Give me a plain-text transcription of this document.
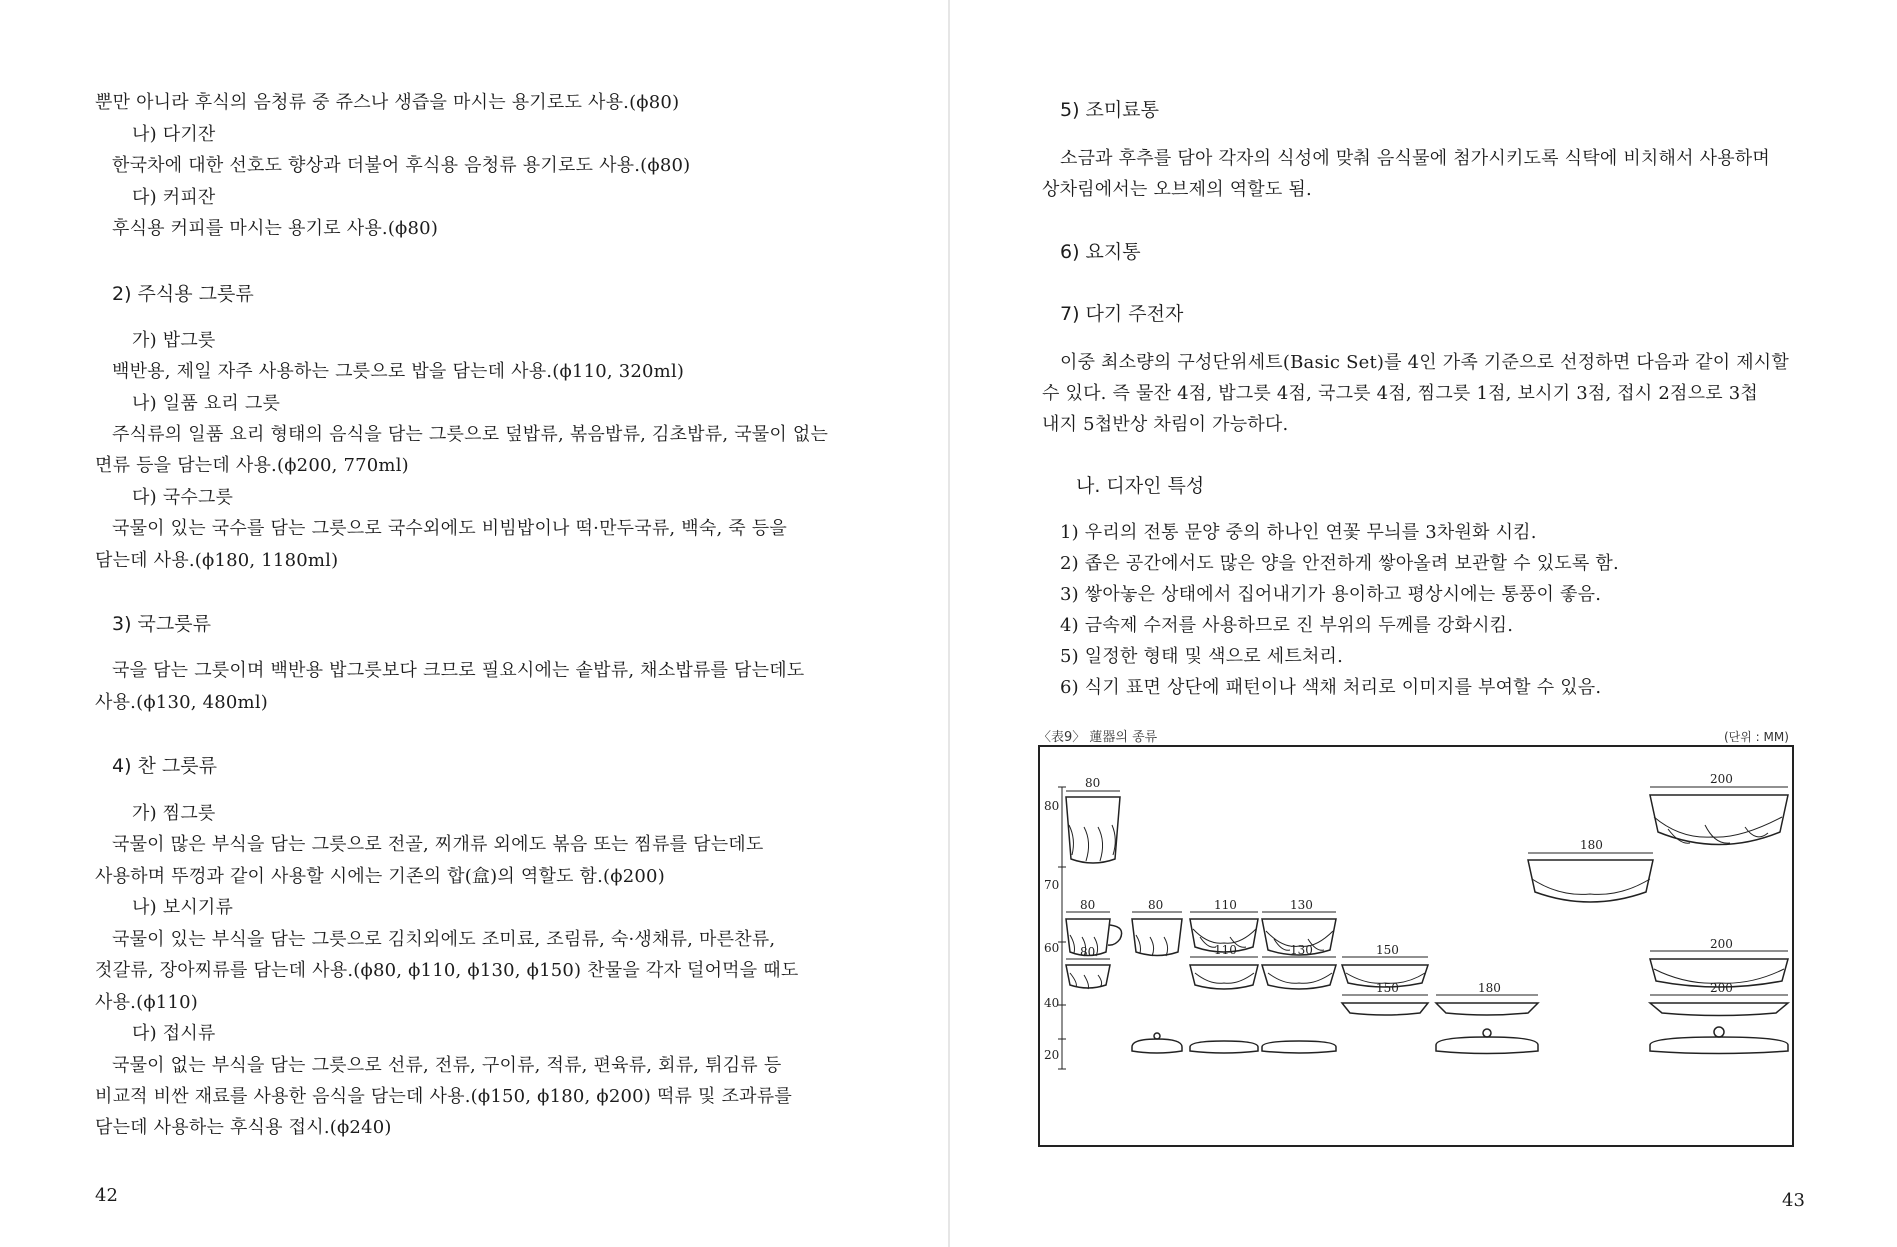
뿐만 아니라 후식의 음청류 중 쥬스나 생즙을 마시는 용기로도 사용.(ϕ80)
나) 다기잔
한국차에 대한 선호도 향상과 더불어 후식용 음청류 용기로도 사용.(ϕ80)
다) 커피잔
후식용 커피를 마시는 용기로 사용.(ϕ80)
2) 주식용 그릇류
가) 밥그릇
백반용, 제일 자주 사용하는 그릇으로 밥을 담는데 사용.(ϕ110, 320ml)
나) 일품 요리 그릇
주식류의 일품 요리 형태의 음식을 담는 그릇으로 덮밥류, 볶음밥류, 김초밥류, 국물이 없는
면류 등을 담는데 사용.(ϕ200, 770ml)
다) 국수그릇
국물이 있는 국수를 담는 그릇으로 국수외에도 비빔밥이나 떡·만두국류, 백숙, 죽 등을
담는데 사용.(ϕ180, 1180ml)
3) 국그릇류
국을 담는 그릇이며 백반용 밥그릇보다 크므로 필요시에는 솥밥류, 채소밥류를 담는데도
사용.(ϕ130, 480ml)
4) 찬 그릇류
가) 찜그릇
국물이 많은 부식을 담는 그릇으로 전골, 찌개류 외에도 볶음 또는 찜류를 담는데도
사용하며 뚜껑과 같이 사용할 시에는 기존의 합(盒)의 역할도 함.(ϕ200)
나) 보시기류
국물이 있는 부식을 담는 그릇으로 김치외에도 조미료, 조림류, 숙·생채류, 마른찬류,
젓갈류, 장아찌류를 담는데 사용.(ϕ80, ϕ110, ϕ130, ϕ150) 찬물을 각자 덜어먹을 때도
사용.(ϕ110)
다) 접시류
국물이 없는 부식을 담는 그릇으로 선류, 전류, 구이류, 적류, 편육류, 회류, 튀김류 등
비교적 비싼 재료를 사용한 음식을 담는데 사용.(ϕ150, ϕ180, ϕ200) 떡류 및 조과류를
담는데 사용하는 후식용 접시.(ϕ240)
42
5) 조미료통
소금과 후추를 담아 각자의 식성에 맞춰 음식물에 첨가시키도록 식탁에 비치해서 사용하며
상차림에서는 오브제의 역할도 됨.
6) 요지통
7) 다기 주전자
이중 최소량의 구성단위세트(Basic Set)를 4인 가족 기준으로 선정하면 다음과 같이 제시할
수 있다. 즉 물잔 4점, 밥그릇 4점, 국그릇 4점, 찜그릇 1점, 보시기 3점, 접시 2점으로 3첩
내지 5첩반상 차림이 가능하다.
나. 디자인 특성
1) 우리의 전통 문양 중의 하나인 연꽃 무늬를 3차원화 시킴.
2) 좁은 공간에서도 많은 양을 안전하게 쌓아올려 보관할 수 있도록 함.
3) 쌓아놓은 상태에서 집어내기가 용이하고 평상시에는 통풍이 좋음.
4) 금속제 수저를 사용하므로 진 부위의 두께를 강화시킴.
5) 일정한 형태 및 색으로 세트처리.
6) 식기 표면 상단에 패턴이나 색채 처리로 이미지를 부여할 수 있음.
〈表9〉 蓮器의 종류	(단위 : MM)
43
80
70
60
40
20
80	200
180
80	80	110	130
80	110	130	150	200
150	180	200
